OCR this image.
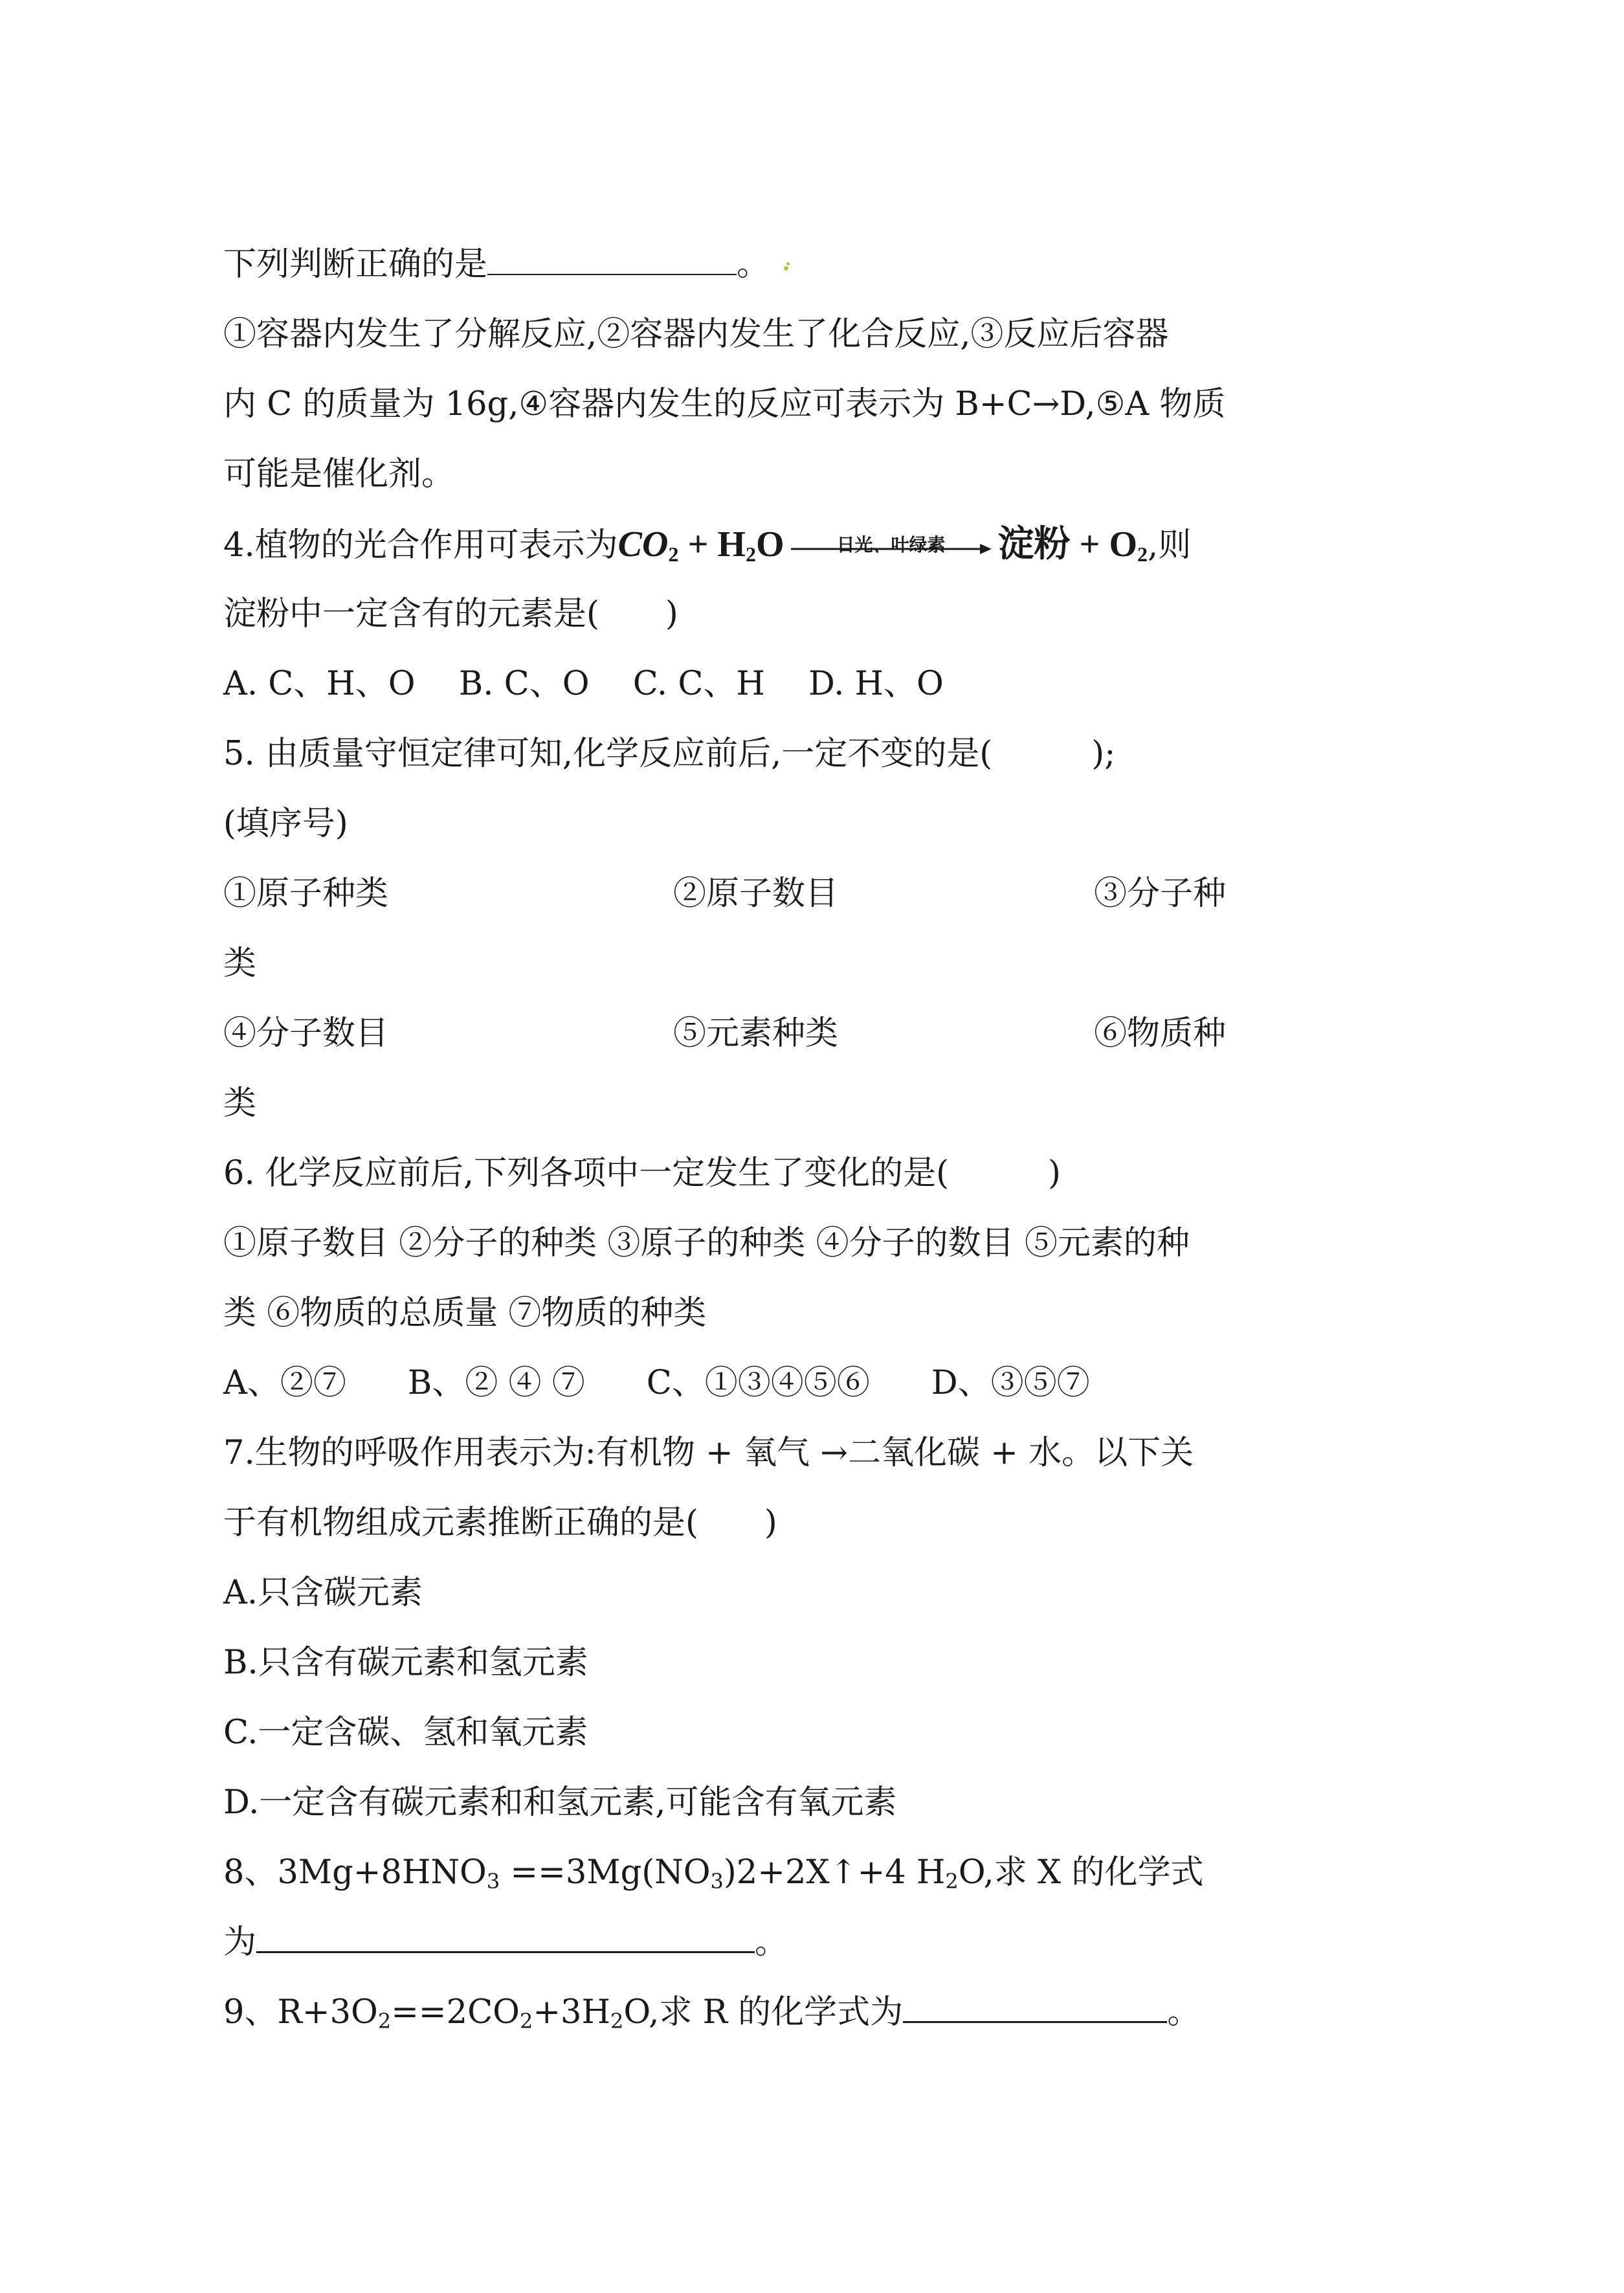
下列判断正确的是	。
①容器内发生了分解反应,②容器内发生了化合反应,③反应后容器
内 C 的质量为 16g,④容器内发生的反应可表示为 B+C→D,⑤A 物质
可能是催化剂。
4.植物的光合作用可表示为$CO_2 + H_2O$	日光、叶绿素	淀粉 + $O_2$,则
淀粉中一定含有的元素是(　　)
A. C、H、O　 B. C、O　 C. C、H　 D. H、O
5. 由质量守恒定律可知,化学反应前后,一定不变的是(　　　);
(填序号)
①原子种类	②原子数目	③分子种
类
④分子数目	⑤元素种类	⑥物质种
类
6. 化学反应前后,下列各项中一定发生了变化的是(　　　)
①原子数目 ②分子的种类 ③原子的种类 ④分子的数目 ⑤元素的种
类 ⑥物质的总质量 ⑦物质的种类
A、②⑦ B、② ④ ⑦ C、①③④⑤⑥ D、③⑤⑦
7.生物的呼吸作用表示为:有机物 + 氧气 →二氧化碳 + 水。以下关
于有机物组成元素推断正确的是(　　)
A.只含碳元素
B.只含有碳元素和氢元素
C.一定含碳、氢和氧元素
D.一定含有碳元素和和氢元素,可能含有氧元素
8、$3Mg+8HNO_3$ $==3Mg(NO_3)2+2X↑+4$ $H_2O$,求 X 的化学式
为	。
9、$R+3O_2==2CO_2+3H_2O$,求 R 的化学式为	。
